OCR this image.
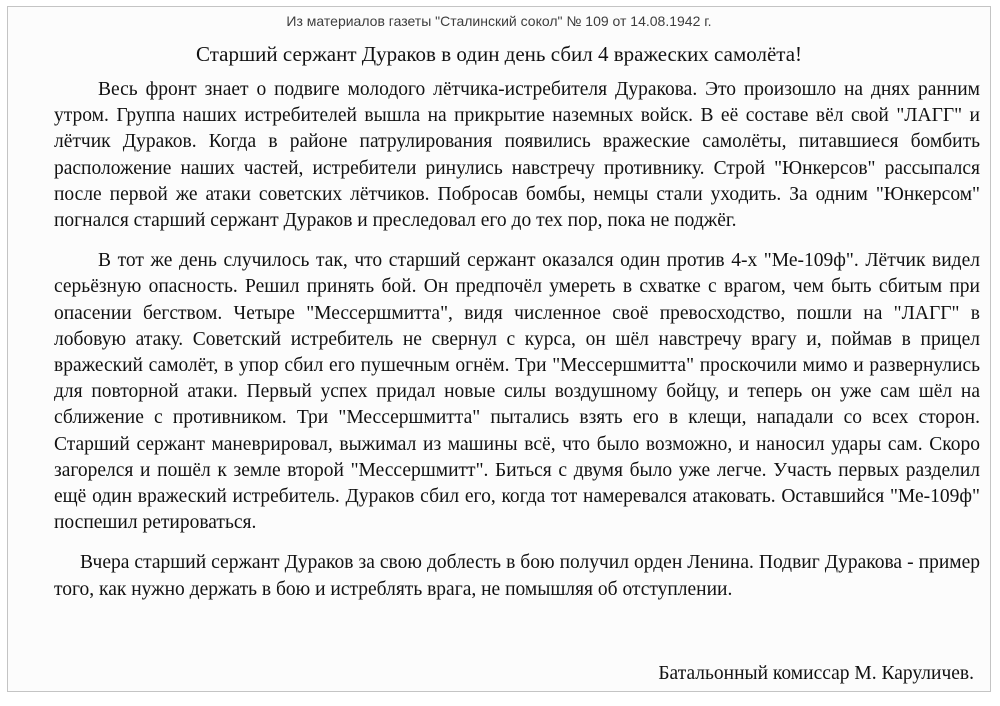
Из материалов газеты "Сталинский сокол" № 109 от 14.08.1942 г.
Старший сержант Дураков в один день сбил 4 вражеских самолёта!

Весь фронт знает о подвиге молодого лётчика-истребителя Дуракова. Это произошло на днях ранним утром. Группа наших истребителей вышла на прикрытие наземных войск. В её составе вёл свой "ЛАГГ" и лётчик Дураков. Когда в районе патрулирования появились вражеские самолёты, питавшиеся бомбить расположение наших частей, истребители ринулись навстречу противнику. Строй "Юнкерсов" рассыпался после первой же атаки советских лётчиков. Побросав бомбы, немцы стали уходить. За одним "Юнкерсом" погнался старший сержант Дураков и преследовал его до тех пор, пока не поджёг.

В тот же день случилось так, что старший сержант оказался один против 4-х "Ме-109ф". Лётчик видел серьёзную опасность. Решил принять бой. Он предпочёл умереть в схватке с врагом, чем быть сбитым при опасении бегством. Четыре "Мессершмитта", видя численное своё превосходство, пошли на "ЛАГГ" в лобовую атаку. Советский истребитель не свернул с курса, он шёл навстречу врагу и, поймав в прицел вражеский самолёт, в упор сбил его пушечным огнём. Три "Мессершмитта" проскочили мимо и развернулись для повторной атаки. Первый успех придал новые силы воздушному бойцу, и теперь он уже сам шёл на сближение с противником. Три "Мессершмитта" пытались взять его в клещи, нападали со всех сторон. Старший сержант маневрировал, выжимал из машины всё, что было возможно, и наносил удары сам. Скоро загорелся и пошёл к земле второй "Мессершмитт". Биться с двумя было уже легче. Участь первых разделил ещё один вражеский истребитель. Дураков сбил его, когда тот намеревался атаковать. Оставшийся "Ме-109ф" поспешил ретироваться.

Вчера старший сержант Дураков за свою доблесть в бою получил орден Ленина. Подвиг Дуракова - пример того, как нужно держать в бою и истреблять врага, не помышляя об отступлении.

Батальонный комиссар М. Каруличев.
